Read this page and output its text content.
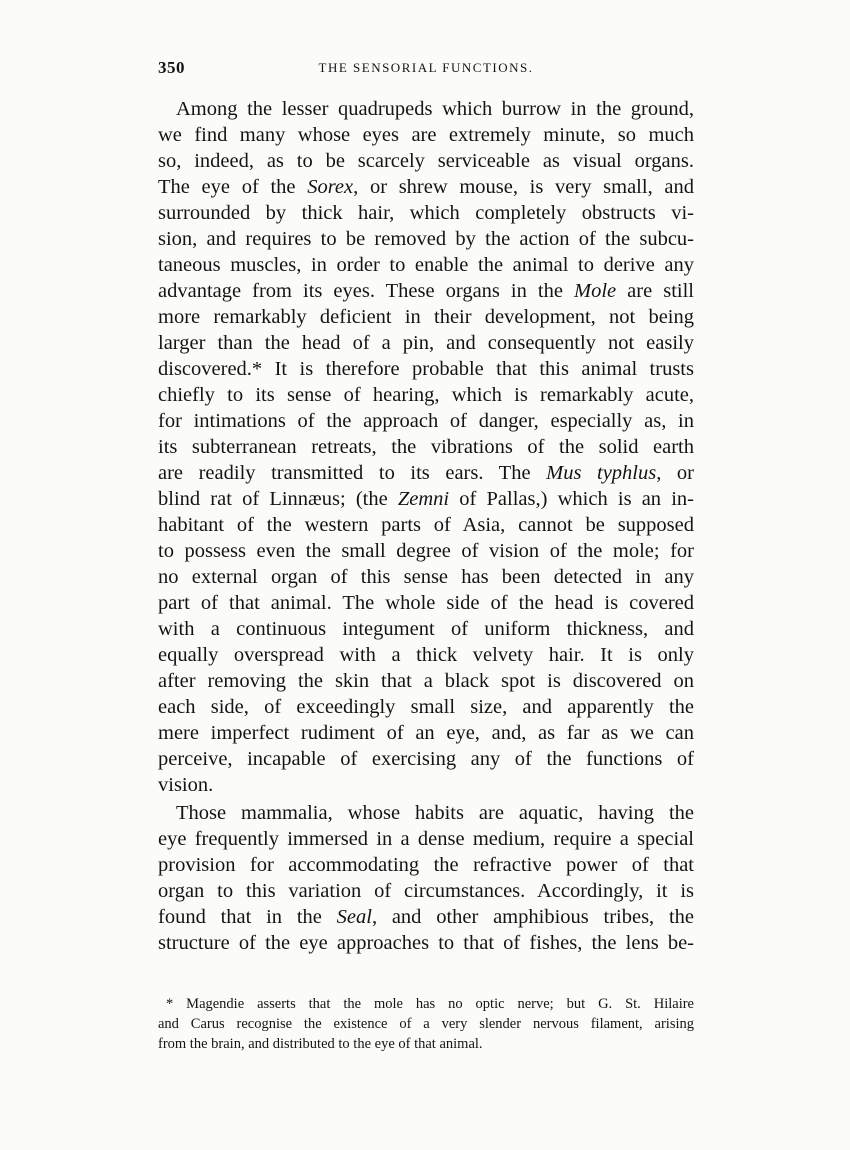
350	THE SENSORIAL FUNCTIONS.
Among the lesser quadrupeds which burrow in the ground,
we find many whose eyes are extremely minute, so much
so, indeed, as to be scarcely serviceable as visual organs.
The eye of the Sorex, or shrew mouse, is very small, and
surrounded by thick hair, which completely obstructs vi-
sion, and requires to be removed by the action of the subcu-
taneous muscles, in order to enable the animal to derive any
advantage from its eyes. These organs in the Mole are still
more remarkably deficient in their development, not being
larger than the head of a pin, and consequently not easily
discovered.* It is therefore probable that this animal trusts
chiefly to its sense of hearing, which is remarkably acute,
for intimations of the approach of danger, especially as, in
its subterranean retreats, the vibrations of the solid earth
are readily transmitted to its ears. The Mus typhlus, or
blind rat of Linnæus; (the Zemni of Pallas,) which is an in-
habitant of the western parts of Asia, cannot be supposed
to possess even the small degree of vision of the mole; for
no external organ of this sense has been detected in any
part of that animal. The whole side of the head is covered
with a continuous integument of uniform thickness, and
equally overspread with a thick velvety hair. It is only
after removing the skin that a black spot is discovered on
each side, of exceedingly small size, and apparently the
mere imperfect rudiment of an eye, and, as far as we can
perceive, incapable of exercising any of the functions of
vision.
Those mammalia, whose habits are aquatic, having the
eye frequently immersed in a dense medium, require a special
provision for accommodating the refractive power of that
organ to this variation of circumstances. Accordingly, it is
found that in the Seal, and other amphibious tribes, the
structure of the eye approaches to that of fishes, the lens be-
* Magendie asserts that the mole has no optic nerve; but G. St. Hilaire
and Carus recognise the existence of a very slender nervous filament, arising
from the brain, and distributed to the eye of that animal.
